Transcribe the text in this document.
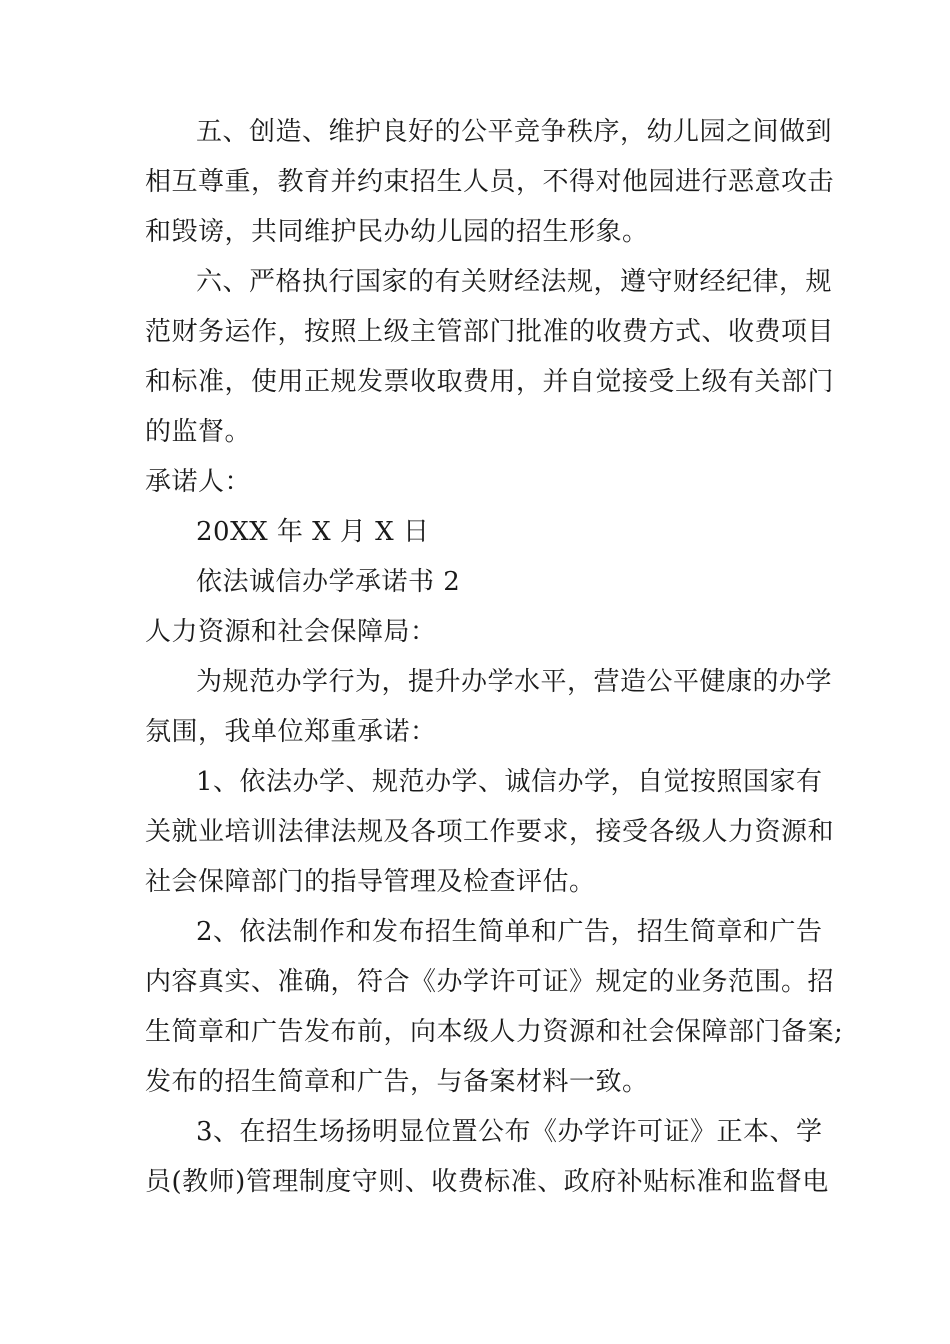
五、创造、维护良好的公平竞争秩序，幼儿园之间做到
相互尊重，教育并约束招生人员，不得对他园进行恶意攻击
和毁谤，共同维护民办幼儿园的招生形象。
六、严格执行国家的有关财经法规，遵守财经纪律，规
范财务运作，按照上级主管部门批准的收费方式、收费项目
和标准，使用正规发票收取费用，并自觉接受上级有关部门
的监督。
承诺人：
20XX 年 X 月 X 日
依法诚信办学承诺书 2
人力资源和社会保障局：
为规范办学行为，提升办学水平，营造公平健康的办学
氛围，我单位郑重承诺：
1、依法办学、规范办学、诚信办学，自觉按照国家有
关就业培训法律法规及各项工作要求，接受各级人力资源和
社会保障部门的指导管理及检查评估。
2、依法制作和发布招生简单和广告，招生简章和广告
内容真实、准确，符合《办学许可证》规定的业务范围。招
生简章和广告发布前，向本级人力资源和社会保障部门备案;
发布的招生简章和广告，与备案材料一致。
3、在招生场扬明显位置公布《办学许可证》正本、学
员(教师)管理制度守则、收费标准、政府补贴标准和监督电
